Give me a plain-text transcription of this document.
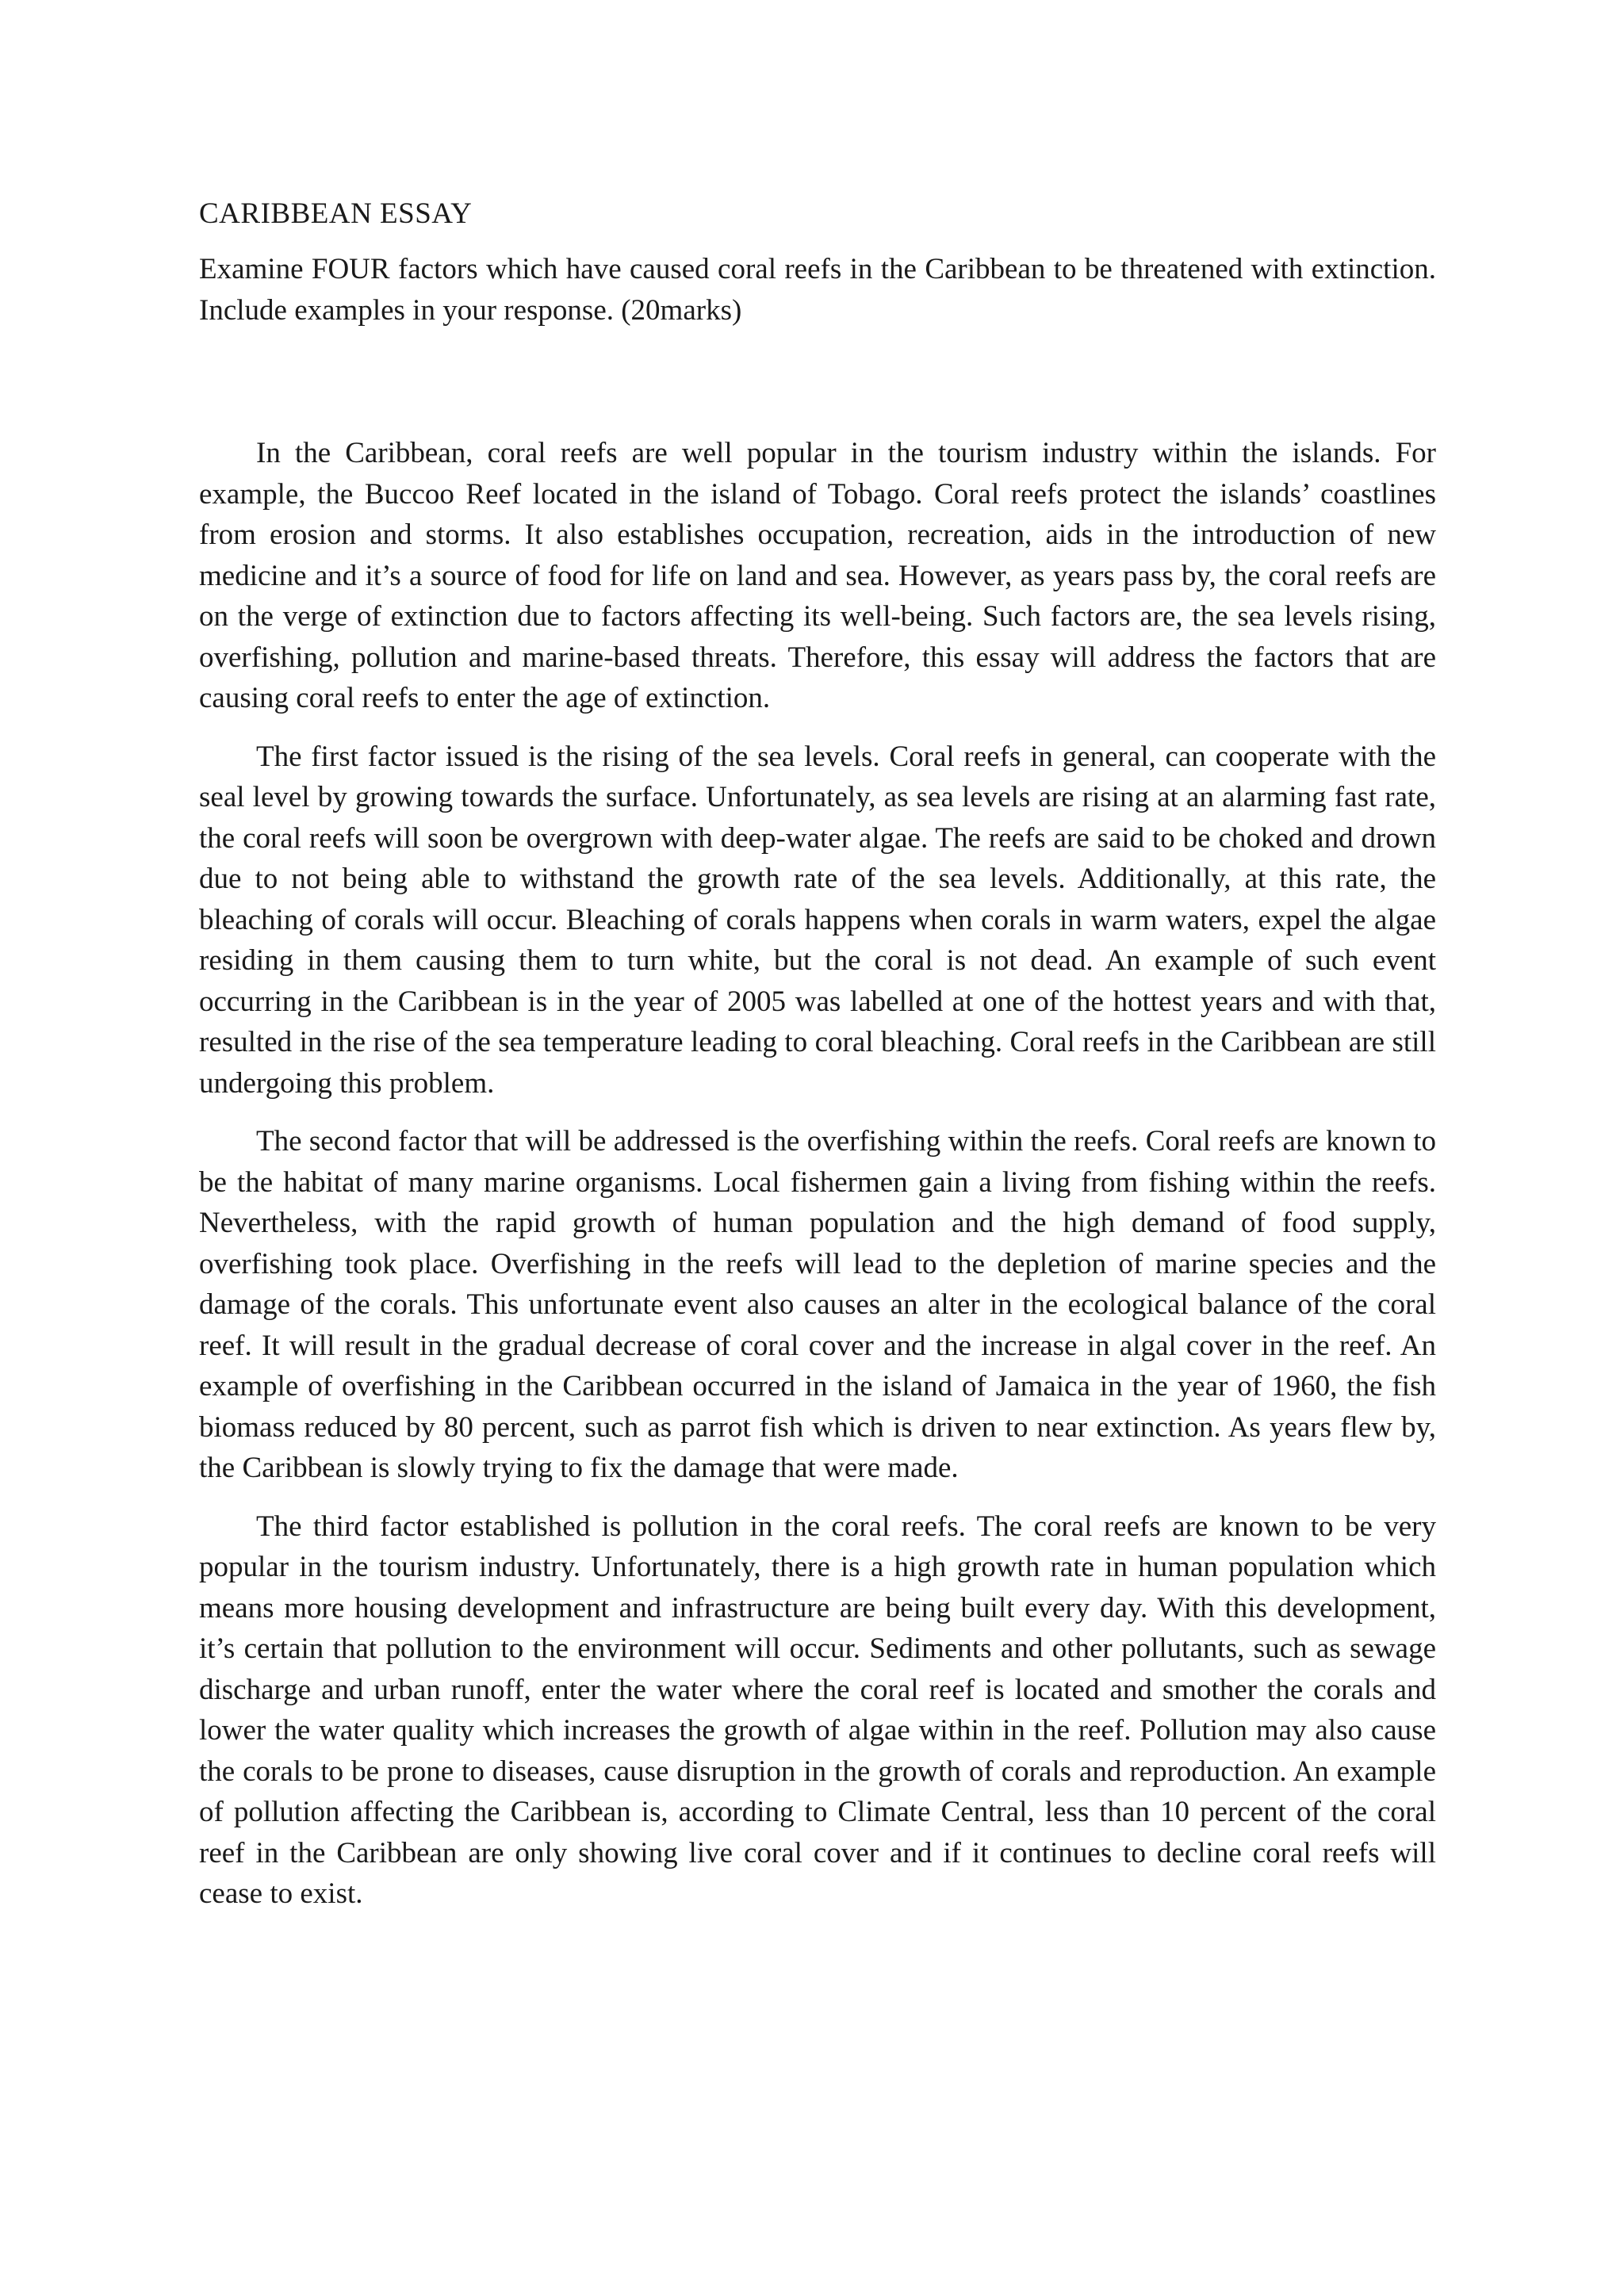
CARIBBEAN ESSAY

Examine FOUR factors which have caused coral reefs in the Caribbean to be threatened with extinction. Include examples in your response. (20marks)

In the Caribbean, coral reefs are well popular in the tourism industry within the islands. For example, the Buccoo Reef located in the island of Tobago. Coral reefs protect the islands’ coastlines from erosion and storms. It also establishes occupation, recreation, aids in the introduction of new medicine and it’s a source of food for life on land and sea. However, as years pass by, the coral reefs are on the verge of extinction due to factors affecting its well-being. Such factors are, the sea levels rising, overfishing, pollution and marine-based threats. Therefore, this essay will address the factors that are causing coral reefs to enter the age of extinction.

The first factor issued is the rising of the sea levels. Coral reefs in general, can cooperate with the seal level by growing towards the surface. Unfortunately, as sea levels are rising at an alarming fast rate, the coral reefs will soon be overgrown with deep-water algae. The reefs are said to be choked and drown due to not being able to withstand the growth rate of the sea levels. Additionally, at this rate, the bleaching of corals will occur. Bleaching of corals happens when corals in warm waters, expel the algae residing in them causing them to turn white, but the coral is not dead. An example of such event occurring in the Caribbean is in the year of 2005 was labelled at one of the hottest years and with that, resulted in the rise of the sea temperature leading to coral bleaching. Coral reefs in the Caribbean are still undergoing this problem.

The second factor that will be addressed is the overfishing within the reefs. Coral reefs are known to be the habitat of many marine organisms. Local fishermen gain a living from fishing within the reefs. Nevertheless, with the rapid growth of human population and the high demand of food supply, overfishing took place. Overfishing in the reefs will lead to the depletion of marine species and the damage of the corals. This unfortunate event also causes an alter in the ecological balance of the coral reef. It will result in the gradual decrease of coral cover and the increase in algal cover in the reef. An example of overfishing in the Caribbean occurred in the island of Jamaica in the year of 1960, the fish biomass reduced by 80 percent, such as parrot fish which is driven to near extinction. As years flew by, the Caribbean is slowly trying to fix the damage that were made.

The third factor established is pollution in the coral reefs. The coral reefs are known to be very popular in the tourism industry. Unfortunately, there is a high growth rate in human population which means more housing development and infrastructure are being built every day. With this development, it’s certain that pollution to the environment will occur. Sediments and other pollutants, such as sewage discharge and urban runoff, enter the water where the coral reef is located and smother the corals and lower the water quality which increases the growth of algae within in the reef. Pollution may also cause the corals to be prone to diseases, cause disruption in the growth of corals and reproduction. An example of pollution affecting the Caribbean is, according to Climate Central, less than 10 percent of the coral reef in the Caribbean are only showing live coral cover and if it continues to decline coral reefs will cease to exist.
